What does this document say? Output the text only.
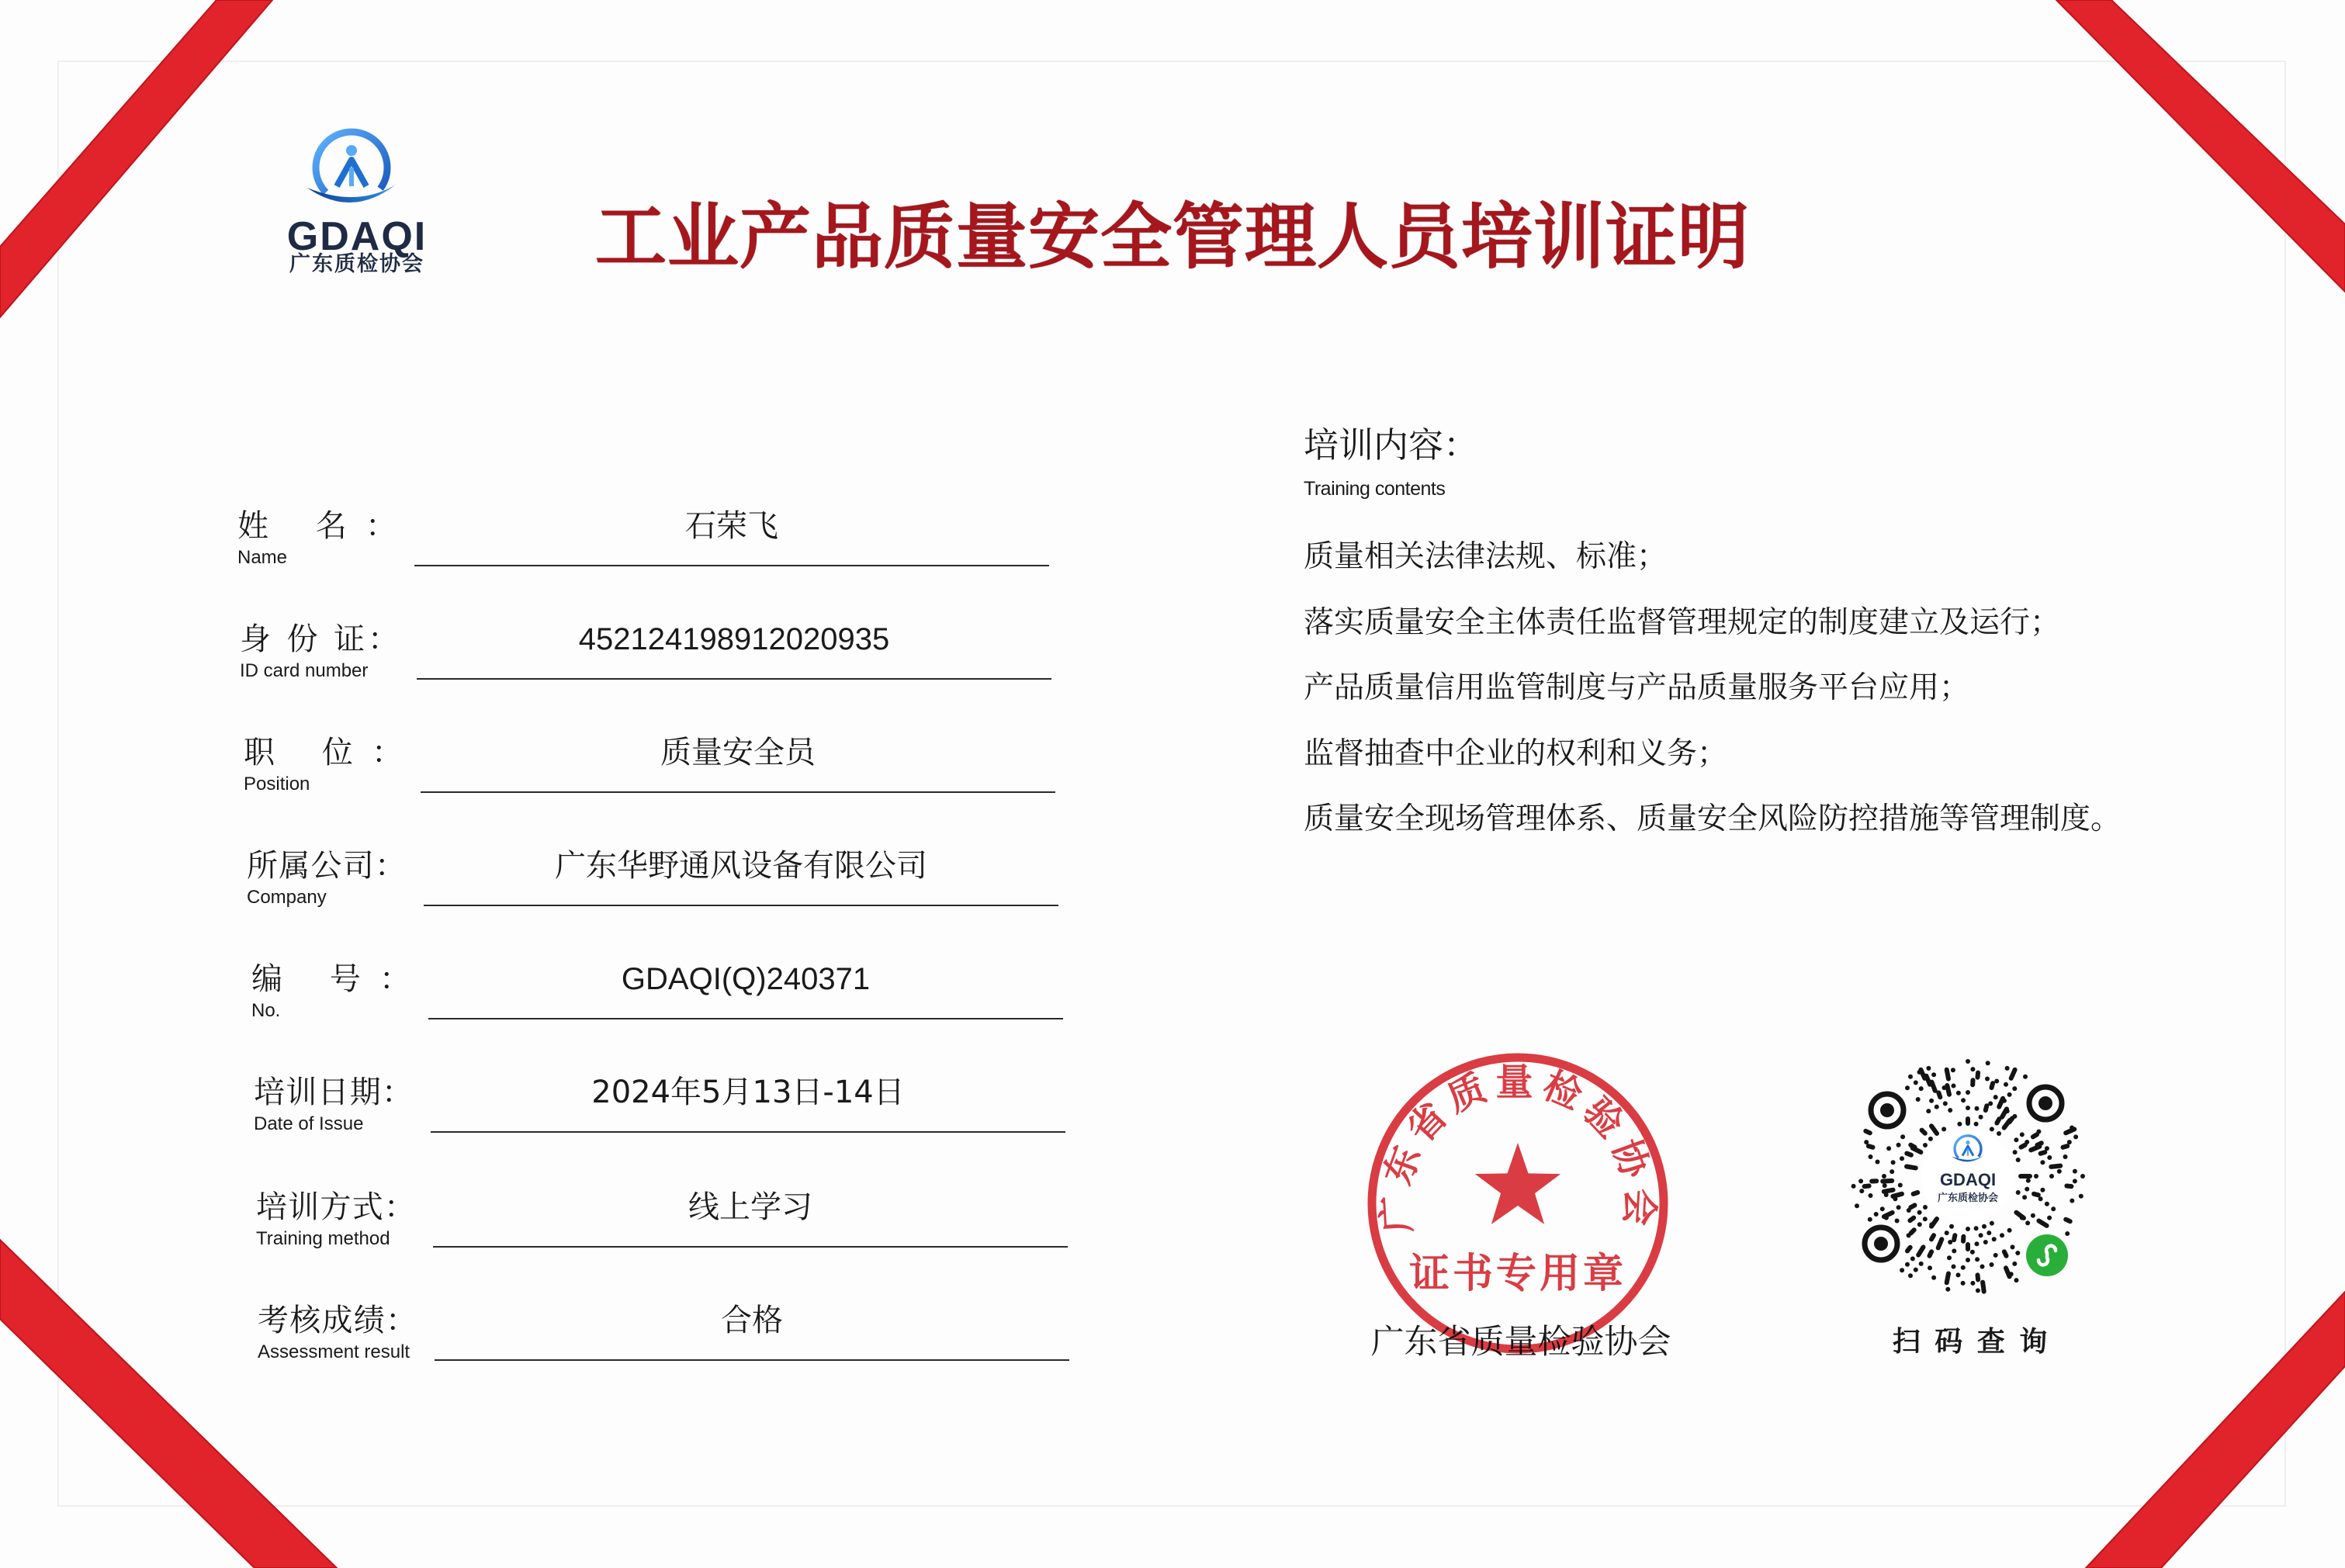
GDAQI
广东质检协会	工业产品质量安全管理人员培训证明
姓 名：
Name
石荣飞
身 份 证：
ID card number
452124198912020935
职 位：
Position
质量安全员
所属公司：
Company
广东华野通风设备有限公司
编 号：
No.
GDAQI(Q)240371
培训日期：
Date of Issue
2024年5月13日-14日
培训方式：
Training method
线上学习
考核成绩：
Assessment result
合格
培训内容：
Training contents
质量相关法律法规、标准；
落实质量安全主体责任监督管理规定的制度建立及运行；
产品质量信用监管制度与产品质量服务平台应用；
监督抽查中企业的权利和义务；
质量安全现场管理体系、质量安全风险防控措施等管理制度。
广东省质量检验协会
广东省质量检验协会
证书专用章
GDAQI
广东质检协会
扫 码 查 询
